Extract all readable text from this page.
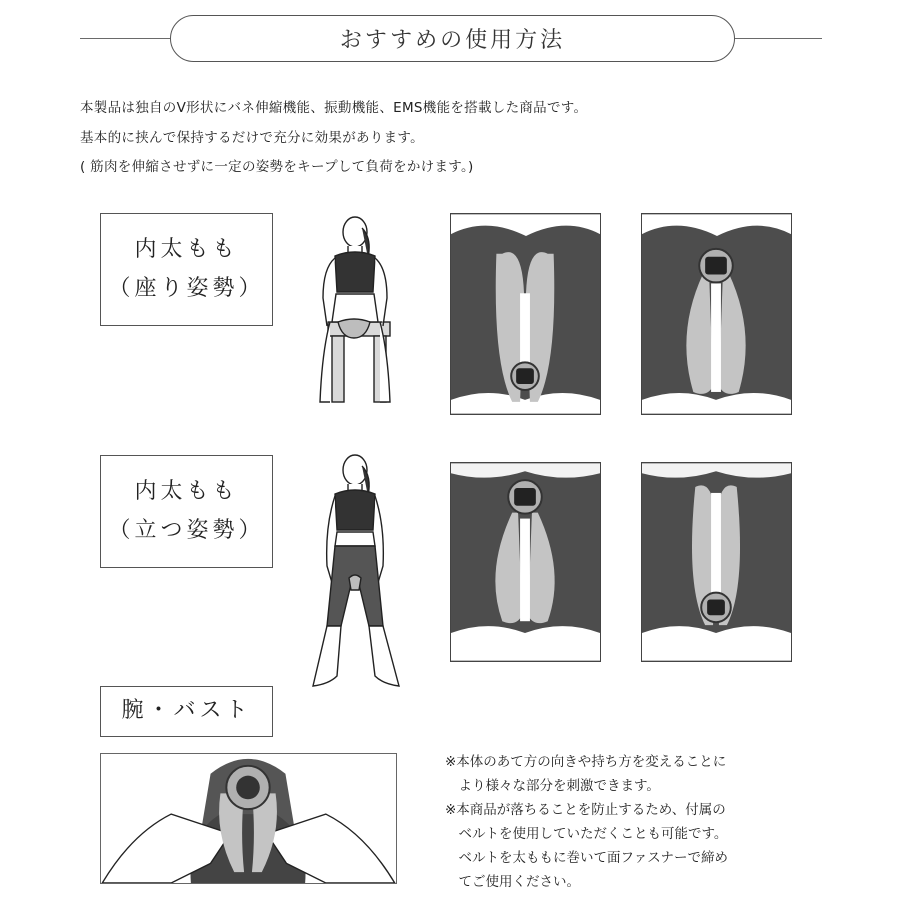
おすすめの使用方法
本製品は独自のV形状にバネ伸縮機能、振動機能、EMS機能を搭載した商品です。
基本的に挟んで保持するだけで充分に効果があります。
( 筋肉を伸縮させずに一定の姿勢をキープして負荷をかけます。)
内太もも
（座り姿勢）
内太もも
（立つ姿勢）
腕・バスト
※本体のあて方の向きや持ち方を変えることに
　より様々な部分を刺激できます。
※本商品が落ちることを防止するため、付属の
　ベルトを使用していただくことも可能です。
　ベルトを太ももに巻いて面ファスナーで締め
　てご使用ください。
